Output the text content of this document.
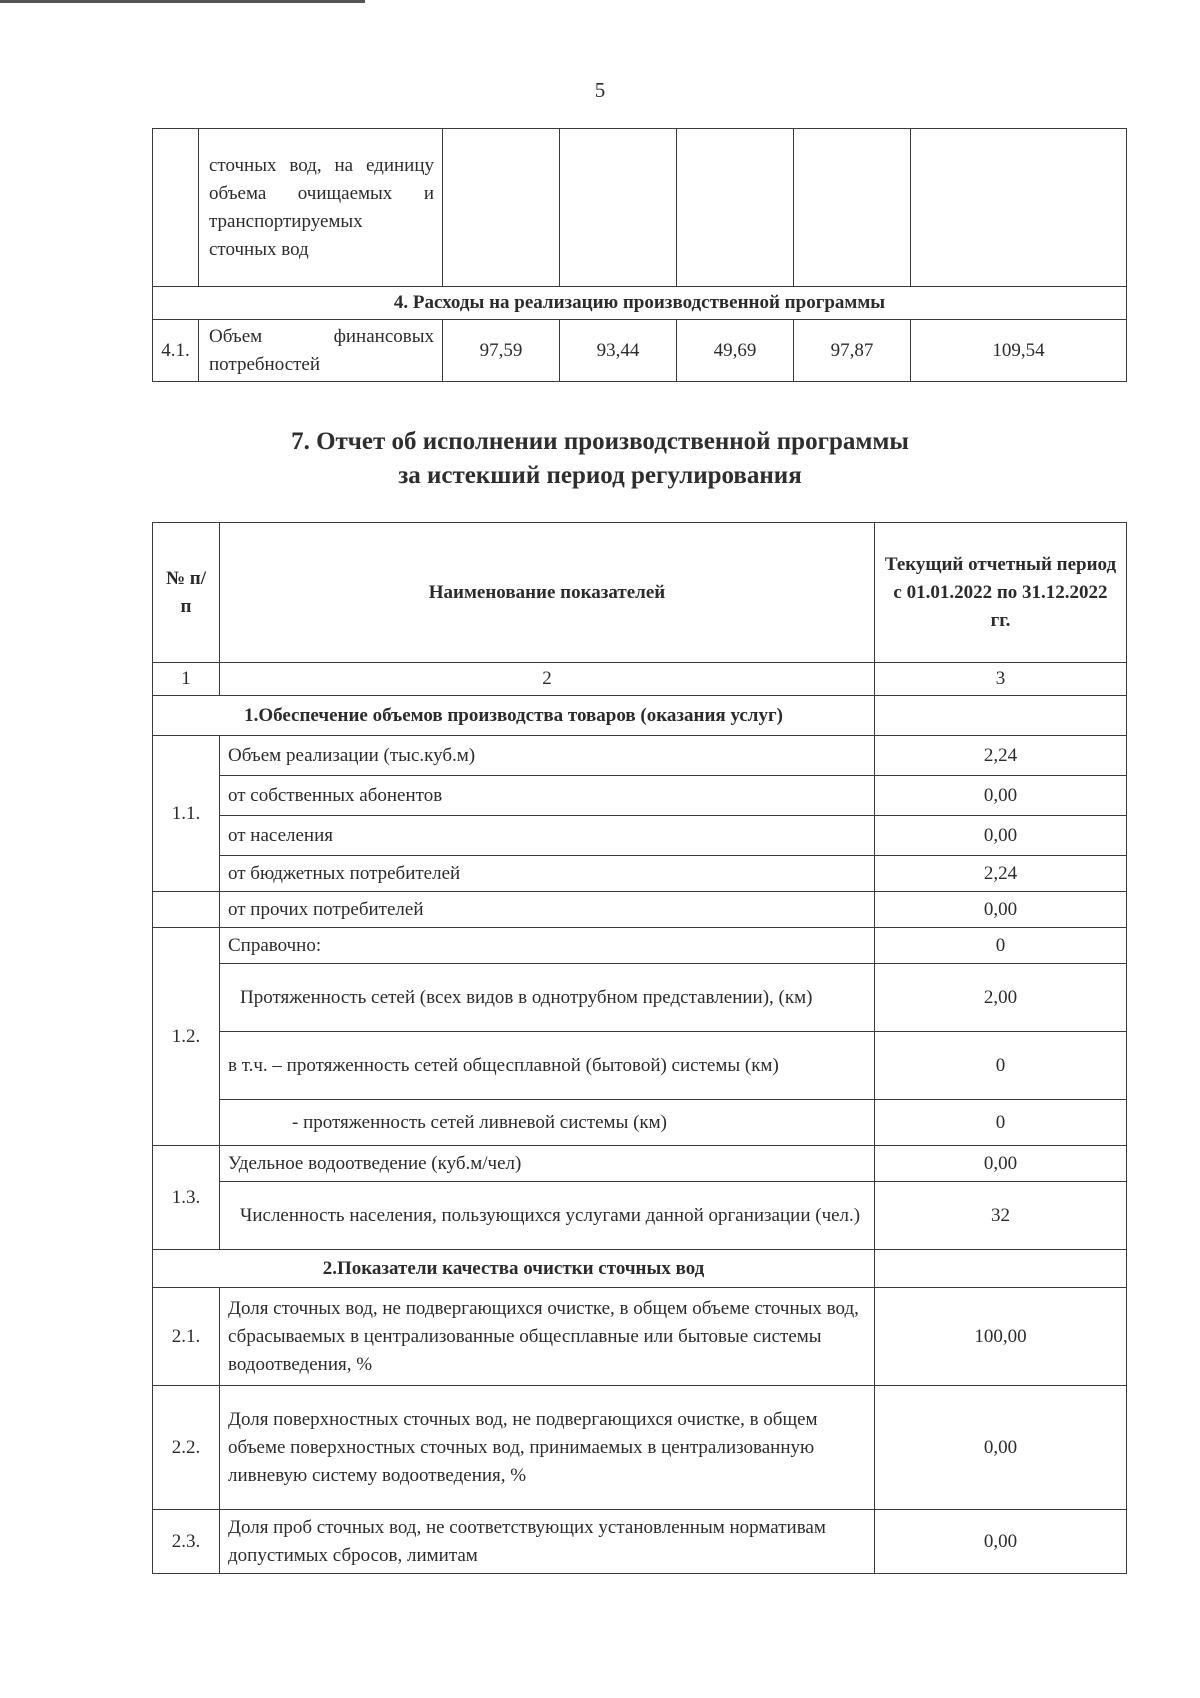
5
	сточных вод, на единицу объема очищаемых и транспортируемых сточных вод					
4. Расходы на реализацию производственной программы						
4.1.	Объем финансовых потребностей	97,59	93,44	49,69	97,87	109,54
7. Отчет об исполнении производственной программы
за истекший период регулирования
№ п/п	Наименование показателей	Текущий отчетный период с 01.01.2022 по 31.12.2022 гг.
1	2	3
1.Обеспечение объемов производства товаров (оказания услуг)		
1.1.	Объем реализации (тыс.куб.м)	2,24
	от собственных абонентов	0,00
	от населения	0,00
	от бюджетных потребителей	2,24
	от прочих потребителей	0,00
1.2.	Справочно:	0
	Протяженность сетей (всех видов в однотрубном представлении), (км)	2,00
	в т.ч. – протяженность сетей общесплавной (бытовой) системы (км)	0
	- протяженность сетей ливневой системы (км)	0
1.3.	Удельное водоотведение (куб.м/чел)	0,00
	Численность населения, пользующихся услугами данной организации (чел.)	32
2.Показатели качества очистки сточных вод		
2.1.	Доля сточных вод, не подвергающихся очистке, в общем объеме сточных вод, сбрасываемых в централизованные общесплавные или бытовые системы водоотведения, %	100,00
2.2.	Доля поверхностных сточных вод, не подвергающихся очистке, в общем объеме поверхностных сточных вод, принимаемых в централизованную ливневую систему водоотведения, %	0,00
2.3.	Доля проб сточных вод, не соответствующих установленным нормативам допустимых сбросов, лимитам	0,00
